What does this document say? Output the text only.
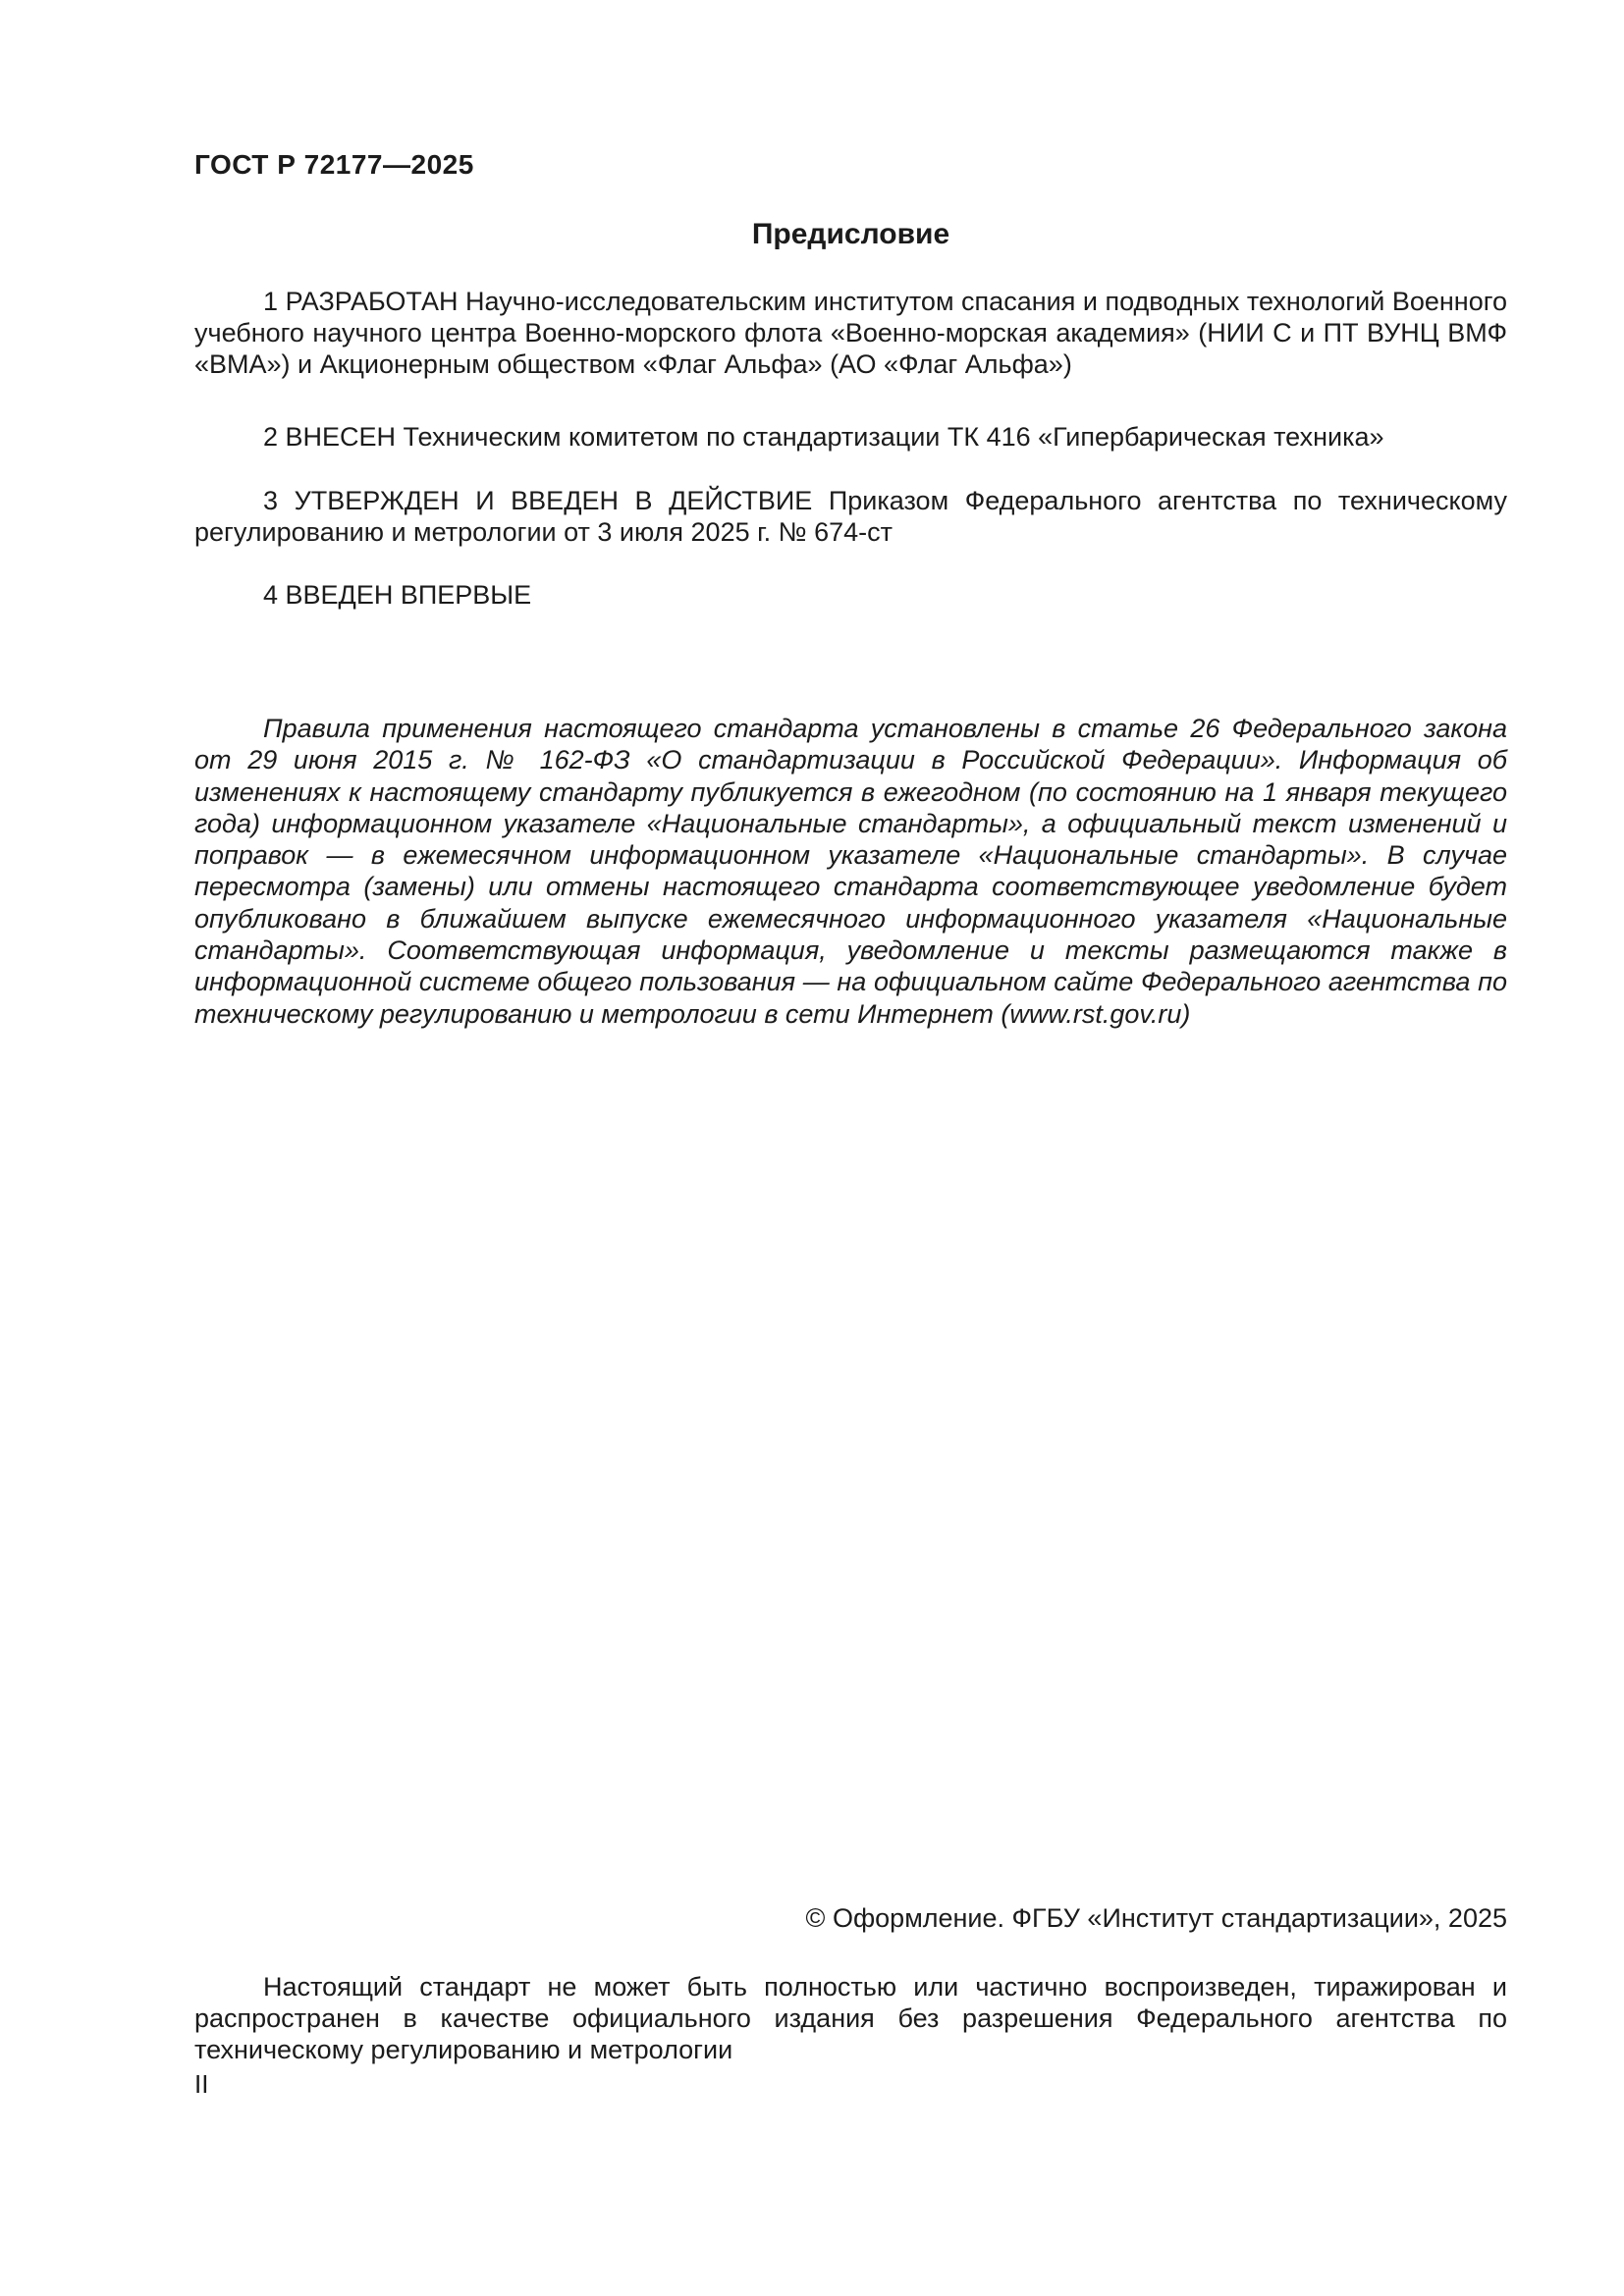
ГОСТ Р 72177—2025
Предисловие

1 РАЗРАБОТАН Научно-исследовательским институтом спасания и подводных технологий Военного учебного научного центра Военно-морского флота «Военно-морская академия» (НИИ С и ПТ ВУНЦ ВМФ «ВМА») и Акционерным обществом «Флаг Альфа» (АО «Флаг Альфа»)

2 ВНЕСЕН Техническим комитетом по стандартизации ТК 416 «Гипербарическая техника»

3 УТВЕРЖДЕН И ВВЕДЕН В ДЕЙСТВИЕ Приказом Федерального агентства по техническому регулированию и метрологии от 3 июля 2025 г. № 674-ст

4 ВВЕДЕН ВПЕРВЫЕ

Правила применения настоящего стандарта установлены в статье 26 Федерального закона от 29 июня 2015 г. № 162-ФЗ «О стандартизации в Российской Федерации». Информация об изменениях к настоящему стандарту публикуется в ежегодном (по состоянию на 1 января текущего года) информационном указателе «Национальные стандарты», а официальный текст изменений и поправок — в ежемесячном информационном указателе «Национальные стандарты». В случае пересмотра (замены) или отмены настоящего стандарта соответствующее уведомление будет опубликовано в ближайшем выпуске ежемесячного информационного указателя «Национальные стандарты». Соответствующая информация, уведомление и тексты размещаются также в информационной системе общего пользования — на официальном сайте Федерального агентства по техническому регулированию и метрологии в сети Интернет (www.rst.gov.ru)

© Оформление. ФГБУ «Институт стандартизации», 2025

Настоящий стандарт не может быть полностью или частично воспроизведен, тиражирован и распространен в качестве официального издания без разрешения Федерального агентства по техническому регулированию и метрологии

II
